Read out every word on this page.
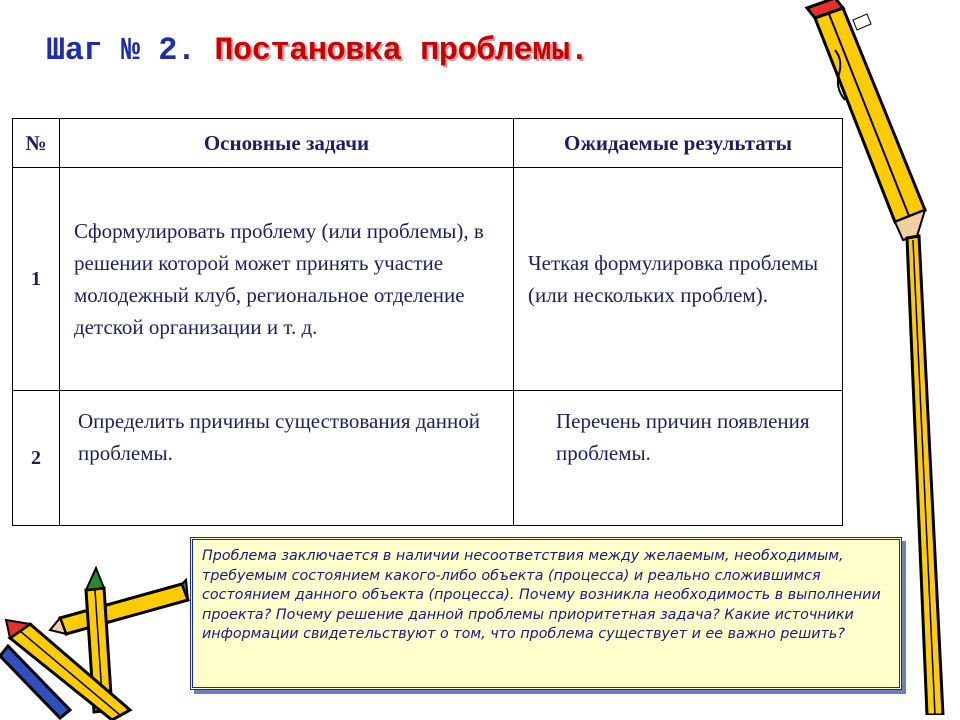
Шаг № 2. Постановка проблемы.
№	Основные задачи	Ожидаемые результаты
1	Сформулировать проблему (или проблемы), в решении которой может принять участие молодежный клуб, региональное отделение детской организации и т. д.	Четкая формулировка проблемы (или нескольких проблем).
2	Определить причины существования данной проблемы.	Перечень причин появления проблемы.
Проблема заключается в наличии несоответствия между желаемым, необходимым, требуемым состоянием какого-либо объекта (процесса) и реально сложившимся состоянием данного объекта (процесса). Почему возникла необходимость в выполнении проекта? Почему решение данной проблемы приоритетная задача? Какие источники информации свидетельствуют о том, что проблема существует и ее важно решить?
